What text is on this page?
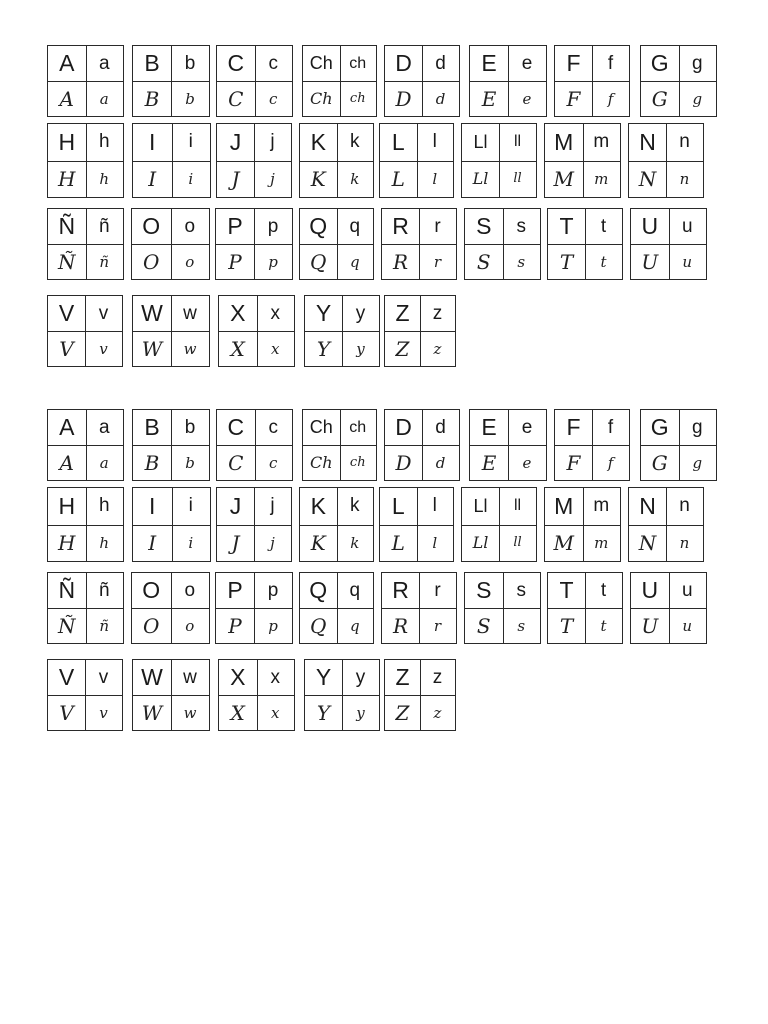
A	a
A	a
B	b
B	b
C	c
C	c
Ch	ch
Ch	ch
D	d
D	d
E	e
E	e
F	f
F	f
G	g
G	g
H	h
H	h
I	i
I	i
J	j
J	j
K	k
K	k
L	l
L	l
Ll	ll
Ll	ll
M	m
M	m
N	n
N	n
Ñ	ñ
Ñ	ñ
O	o
O	o
P	p
P	p
Q	q
Q	q
R	r
R	r
S	s
S	s
T	t
T	t
U	u
U	u
V	v
V	v
W	w
W	w
X	x
X	x
Y	y
Y	y
Z	z
Z	z
A	a
A	a
B	b
B	b
C	c
C	c
Ch	ch
Ch	ch
D	d
D	d
E	e
E	e
F	f
F	f
G	g
G	g
H	h
H	h
I	i
I	i
J	j
J	j
K	k
K	k
L	l
L	l
Ll	ll
Ll	ll
M	m
M	m
N	n
N	n
Ñ	ñ
Ñ	ñ
O	o
O	o
P	p
P	p
Q	q
Q	q
R	r
R	r
S	s
S	s
T	t
T	t
U	u
U	u
V	v
V	v
W	w
W	w
X	x
X	x
Y	y
Y	y
Z	z
Z	z
